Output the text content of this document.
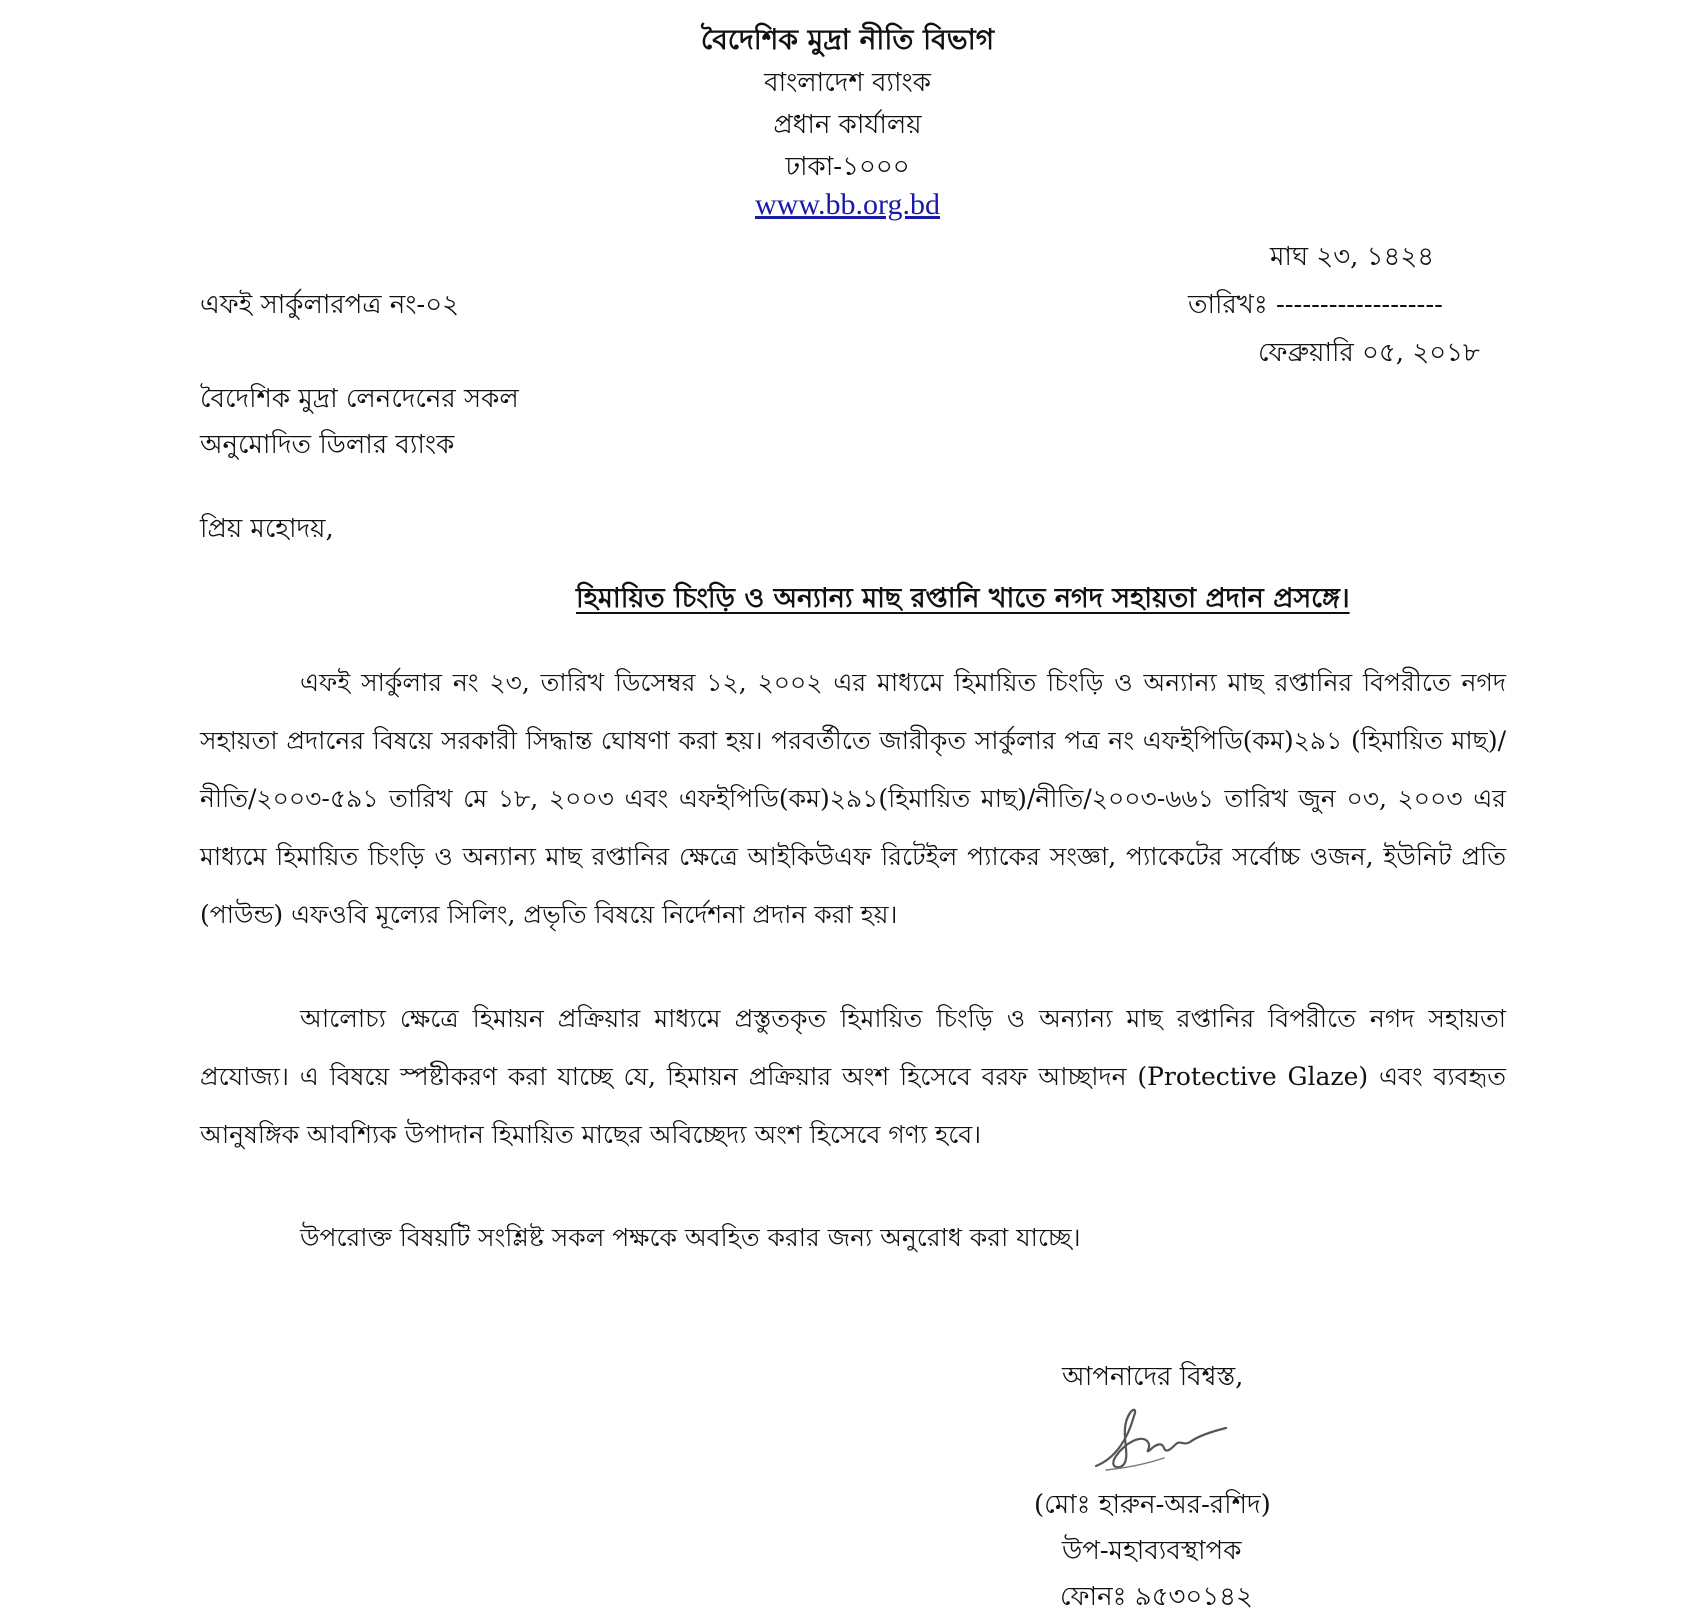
বৈদেশিক মুদ্রা নীতি বিভাগ
বাংলাদেশ ব্যাংক
প্রধান কার্যালয়
ঢাকা-১০০০
www.bb.org.bd
মাঘ ২৩, ১৪২৪
এফই সার্কুলারপত্র নং-০২	তারিখঃ -------------------
ফেব্রুয়ারি ০৫, ২০১৮
বৈদেশিক মুদ্রা লেনদেনের সকল
অনুমোদিত ডিলার ব্যাংক
প্রিয় মহোদয়,
হিমায়িত চিংড়ি ও অন্যান্য মাছ রপ্তানি খাতে নগদ সহায়তা প্রদান প্রসঙ্গে।
এফই সার্কুলার নং ২৩, তারিখ ডিসেম্বর ১২, ২০০২ এর মাধ্যমে হিমায়িত চিংড়ি ও অন্যান্য মাছ রপ্তানির বিপরীতে নগদ সহায়তা প্রদানের বিষয়ে সরকারী সিদ্ধান্ত ঘোষণা করা হয়। পরবর্তীতে জারীকৃত সার্কুলার পত্র নং এফইপিডি(কম)২৯১ (হিমায়িত মাছ)/নীতি/২০০৩-৫৯১ তারিখ মে ১৮, ২০০৩ এবং এফইপিডি(কম)২৯১(হিমায়িত মাছ)/নীতি/২০০৩-৬৬১ তারিখ জুন ০৩, ২০০৩ এর মাধ্যমে হিমায়িত চিংড়ি ও অন্যান্য মাছ রপ্তানির ক্ষেত্রে আইকিউএফ রিটেইল প্যাকের সংজ্ঞা, প্যাকেটের সর্বোচ্চ ওজন, ইউনিট প্রতি (পাউন্ড) এফওবি মূল্যের সিলিং, প্রভৃতি বিষয়ে নির্দেশনা প্রদান করা হয়।
আলোচ্য ক্ষেত্রে হিমায়ন প্রক্রিয়ার মাধ্যমে প্রস্তুতকৃত হিমায়িত চিংড়ি ও অন্যান্য মাছ রপ্তানির বিপরীতে নগদ সহায়তা প্রযোজ্য। এ বিষয়ে স্পষ্টীকরণ করা যাচ্ছে যে, হিমায়ন প্রক্রিয়ার অংশ হিসেবে বরফ আচ্ছাদন (Protective Glaze) এবং ব্যবহৃত আনুষঙ্গিক আবশ্যিক উপাদান হিমায়িত মাছের অবিচ্ছেদ্য অংশ হিসেবে গণ্য হবে।
উপরোক্ত বিষয়টি সংশ্লিষ্ট সকল পক্ষকে অবহিত করার জন্য অনুরোধ করা যাচ্ছে।
আপনাদের বিশ্বস্ত,
(মোঃ হারুন-অর-রশিদ)
উপ-মহাব্যবস্থাপক
ফোনঃ ৯৫৩০১৪২
